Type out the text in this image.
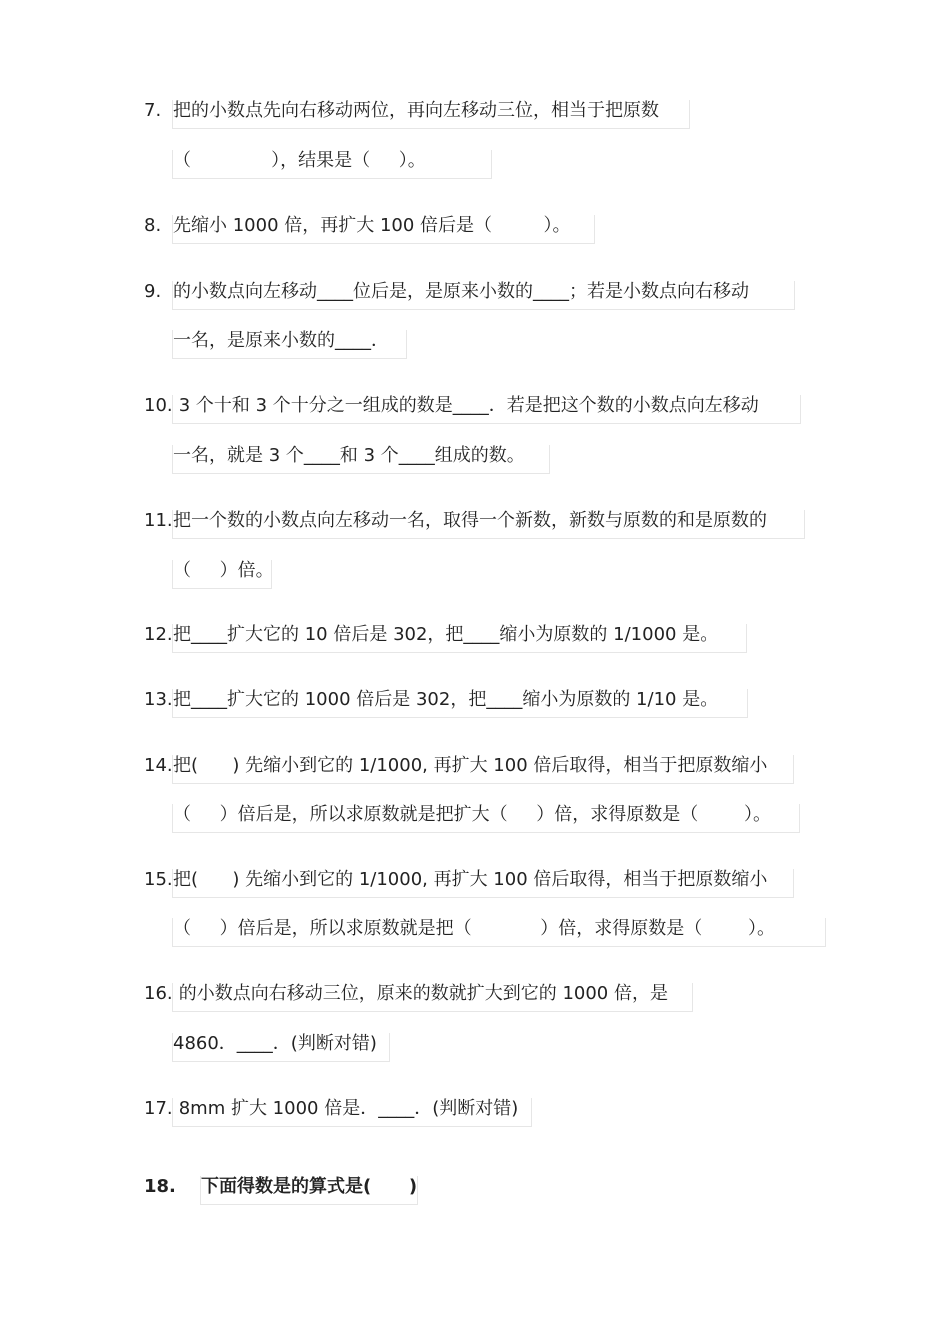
7. 把的小数点先向右移动两位，再向左移动三位，相当于把原数
（              ），结果是（     ）。
8. 先缩小 1000 倍，再扩大 100 倍后是（         ）。
9. 的小数点向左移动____位后是，是原来小数的____；若是小数点向右移动
一名，是原来小数的____．
10. 3 个十和 3 个十分之一组成的数是____．若是把这个数的小数点向左移动
一名，就是 3 个____和 3 个____组成的数。
11. 把一个数的小数点向左移动一名，取得一个新数，新数与原数的和是原数的
（     ）倍。
12. 把____扩大它的 10 倍后是 302，把____缩小为原数的 1/1000 是。
13. 把____扩大它的 1000 倍后是 302，把____缩小为原数的 1/10 是。
14. 把(      ) 先缩小到它的 1/1000, 再扩大 100 倍后取得，相当于把原数缩小
（     ）倍后是，所以求原数就是把扩大（     ）倍，求得原数是（        ）。
15. 把(      ) 先缩小到它的 1/1000, 再扩大 100 倍后取得，相当于把原数缩小
（     ）倍后是，所以求原数就是把（            ）倍，求得原数是（        ）。
16. 的小数点向右移动三位，原来的数就扩大到它的 1000 倍，是
4860．____．(判断对错)
17. 8mm 扩大 1000 倍是．____．(判断对错)
18. 下面得数是的算式是(      )
